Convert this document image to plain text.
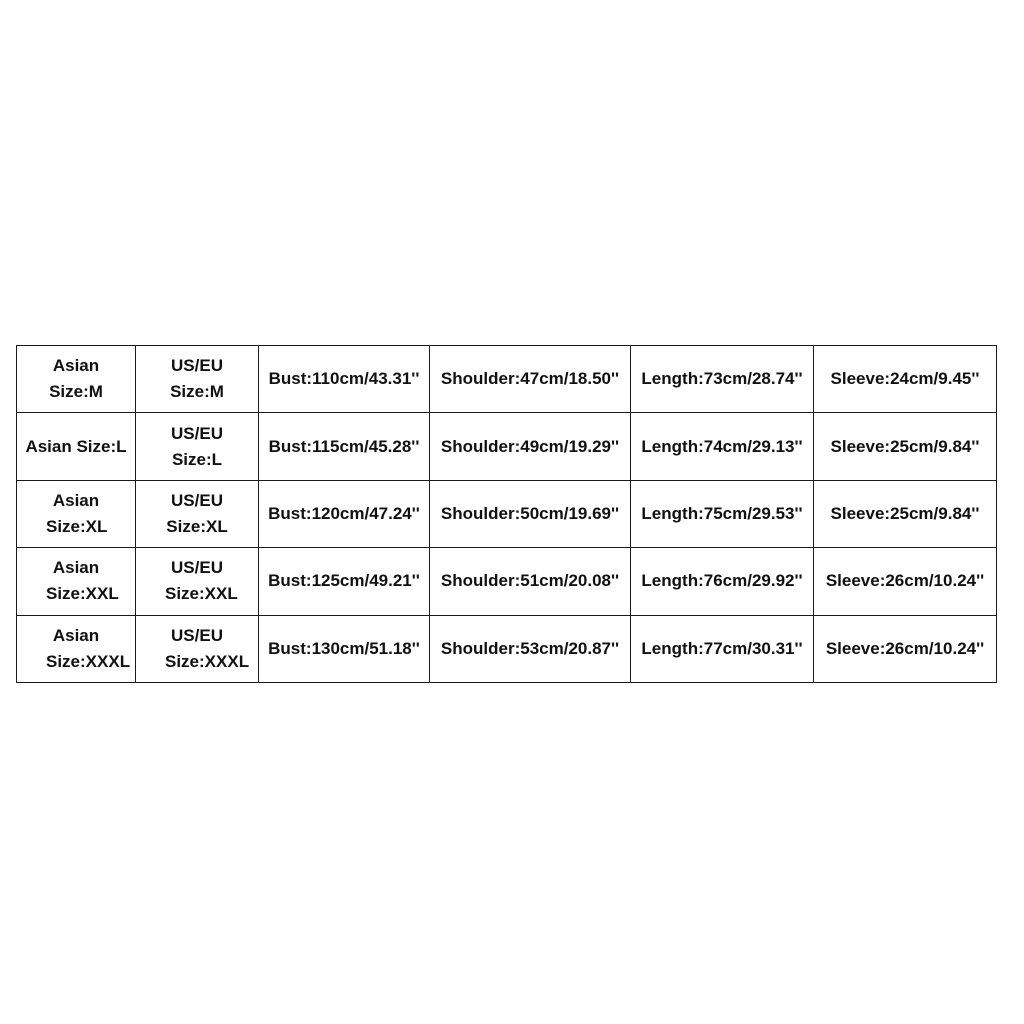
Asian Size:M	US/EU Size:M	Bust:110cm/43.31''	Shoulder:47cm/18.50''	Length:73cm/28.74''	Sleeve:24cm/9.45''
Asian Size:L	US/EU Size:L	Bust:115cm/45.28''	Shoulder:49cm/19.29''	Length:74cm/29.13''	Sleeve:25cm/9.84''
Asian Size:XL	US/EU Size:XL	Bust:120cm/47.24''	Shoulder:50cm/19.69''	Length:75cm/29.53''	Sleeve:25cm/9.84''
Asian Size:XXL	US/EU Size:XXL	Bust:125cm/49.21''	Shoulder:51cm/20.08''	Length:76cm/29.92''	Sleeve:26cm/10.24''
Asian Size:XXXL	US/EU Size:XXXL	Bust:130cm/51.18''	Shoulder:53cm/20.87''	Length:77cm/30.31''	Sleeve:26cm/10.24''
